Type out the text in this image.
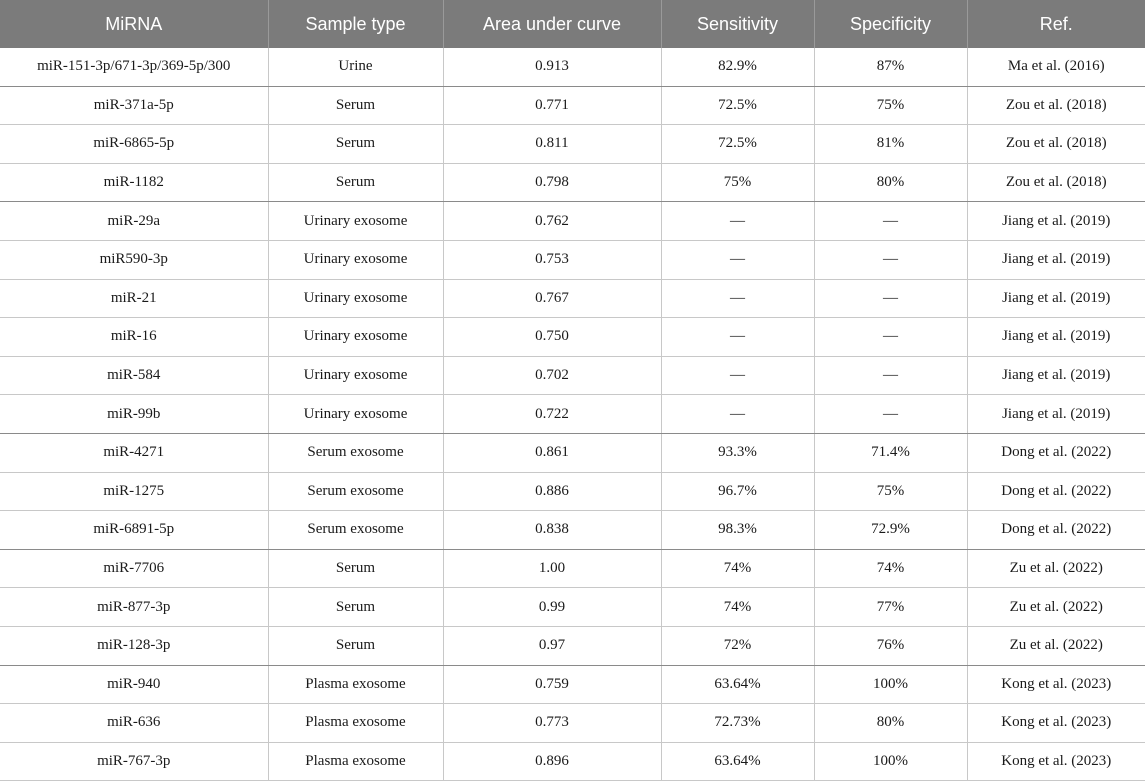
MiRNA	Sample type	Area under curve	Sensitivity	Specificity	Ref.
miR-151-3p/671-3p/369-5p/300	Urine	0.913	82.9%	87%	Ma et al. (2016)
miR-371a-5p	Serum	0.771	72.5%	75%	Zou et al. (2018)
miR-6865-5p	Serum	0.811	72.5%	81%	Zou et al. (2018)
miR-1182	Serum	0.798	75%	80%	Zou et al. (2018)
miR-29a	Urinary exosome	0.762	—	—	Jiang et al. (2019)
miR590-3p	Urinary exosome	0.753	—	—	Jiang et al. (2019)
miR-21	Urinary exosome	0.767	—	—	Jiang et al. (2019)
miR-16	Urinary exosome	0.750	—	—	Jiang et al. (2019)
miR-584	Urinary exosome	0.702	—	—	Jiang et al. (2019)
miR-99b	Urinary exosome	0.722	—	—	Jiang et al. (2019)
miR-4271	Serum exosome	0.861	93.3%	71.4%	Dong et al. (2022)
miR-1275	Serum exosome	0.886	96.7%	75%	Dong et al. (2022)
miR-6891-5p	Serum exosome	0.838	98.3%	72.9%	Dong et al. (2022)
miR-7706	Serum	1.00	74%	74%	Zu et al. (2022)
miR-877-3p	Serum	0.99	74%	77%	Zu et al. (2022)
miR-128-3p	Serum	0.97	72%	76%	Zu et al. (2022)
miR-940	Plasma exosome	0.759	63.64%	100%	Kong et al. (2023)
miR-636	Plasma exosome	0.773	72.73%	80%	Kong et al. (2023)
miR-767-3p	Plasma exosome	0.896	63.64%	100%	Kong et al. (2023)
